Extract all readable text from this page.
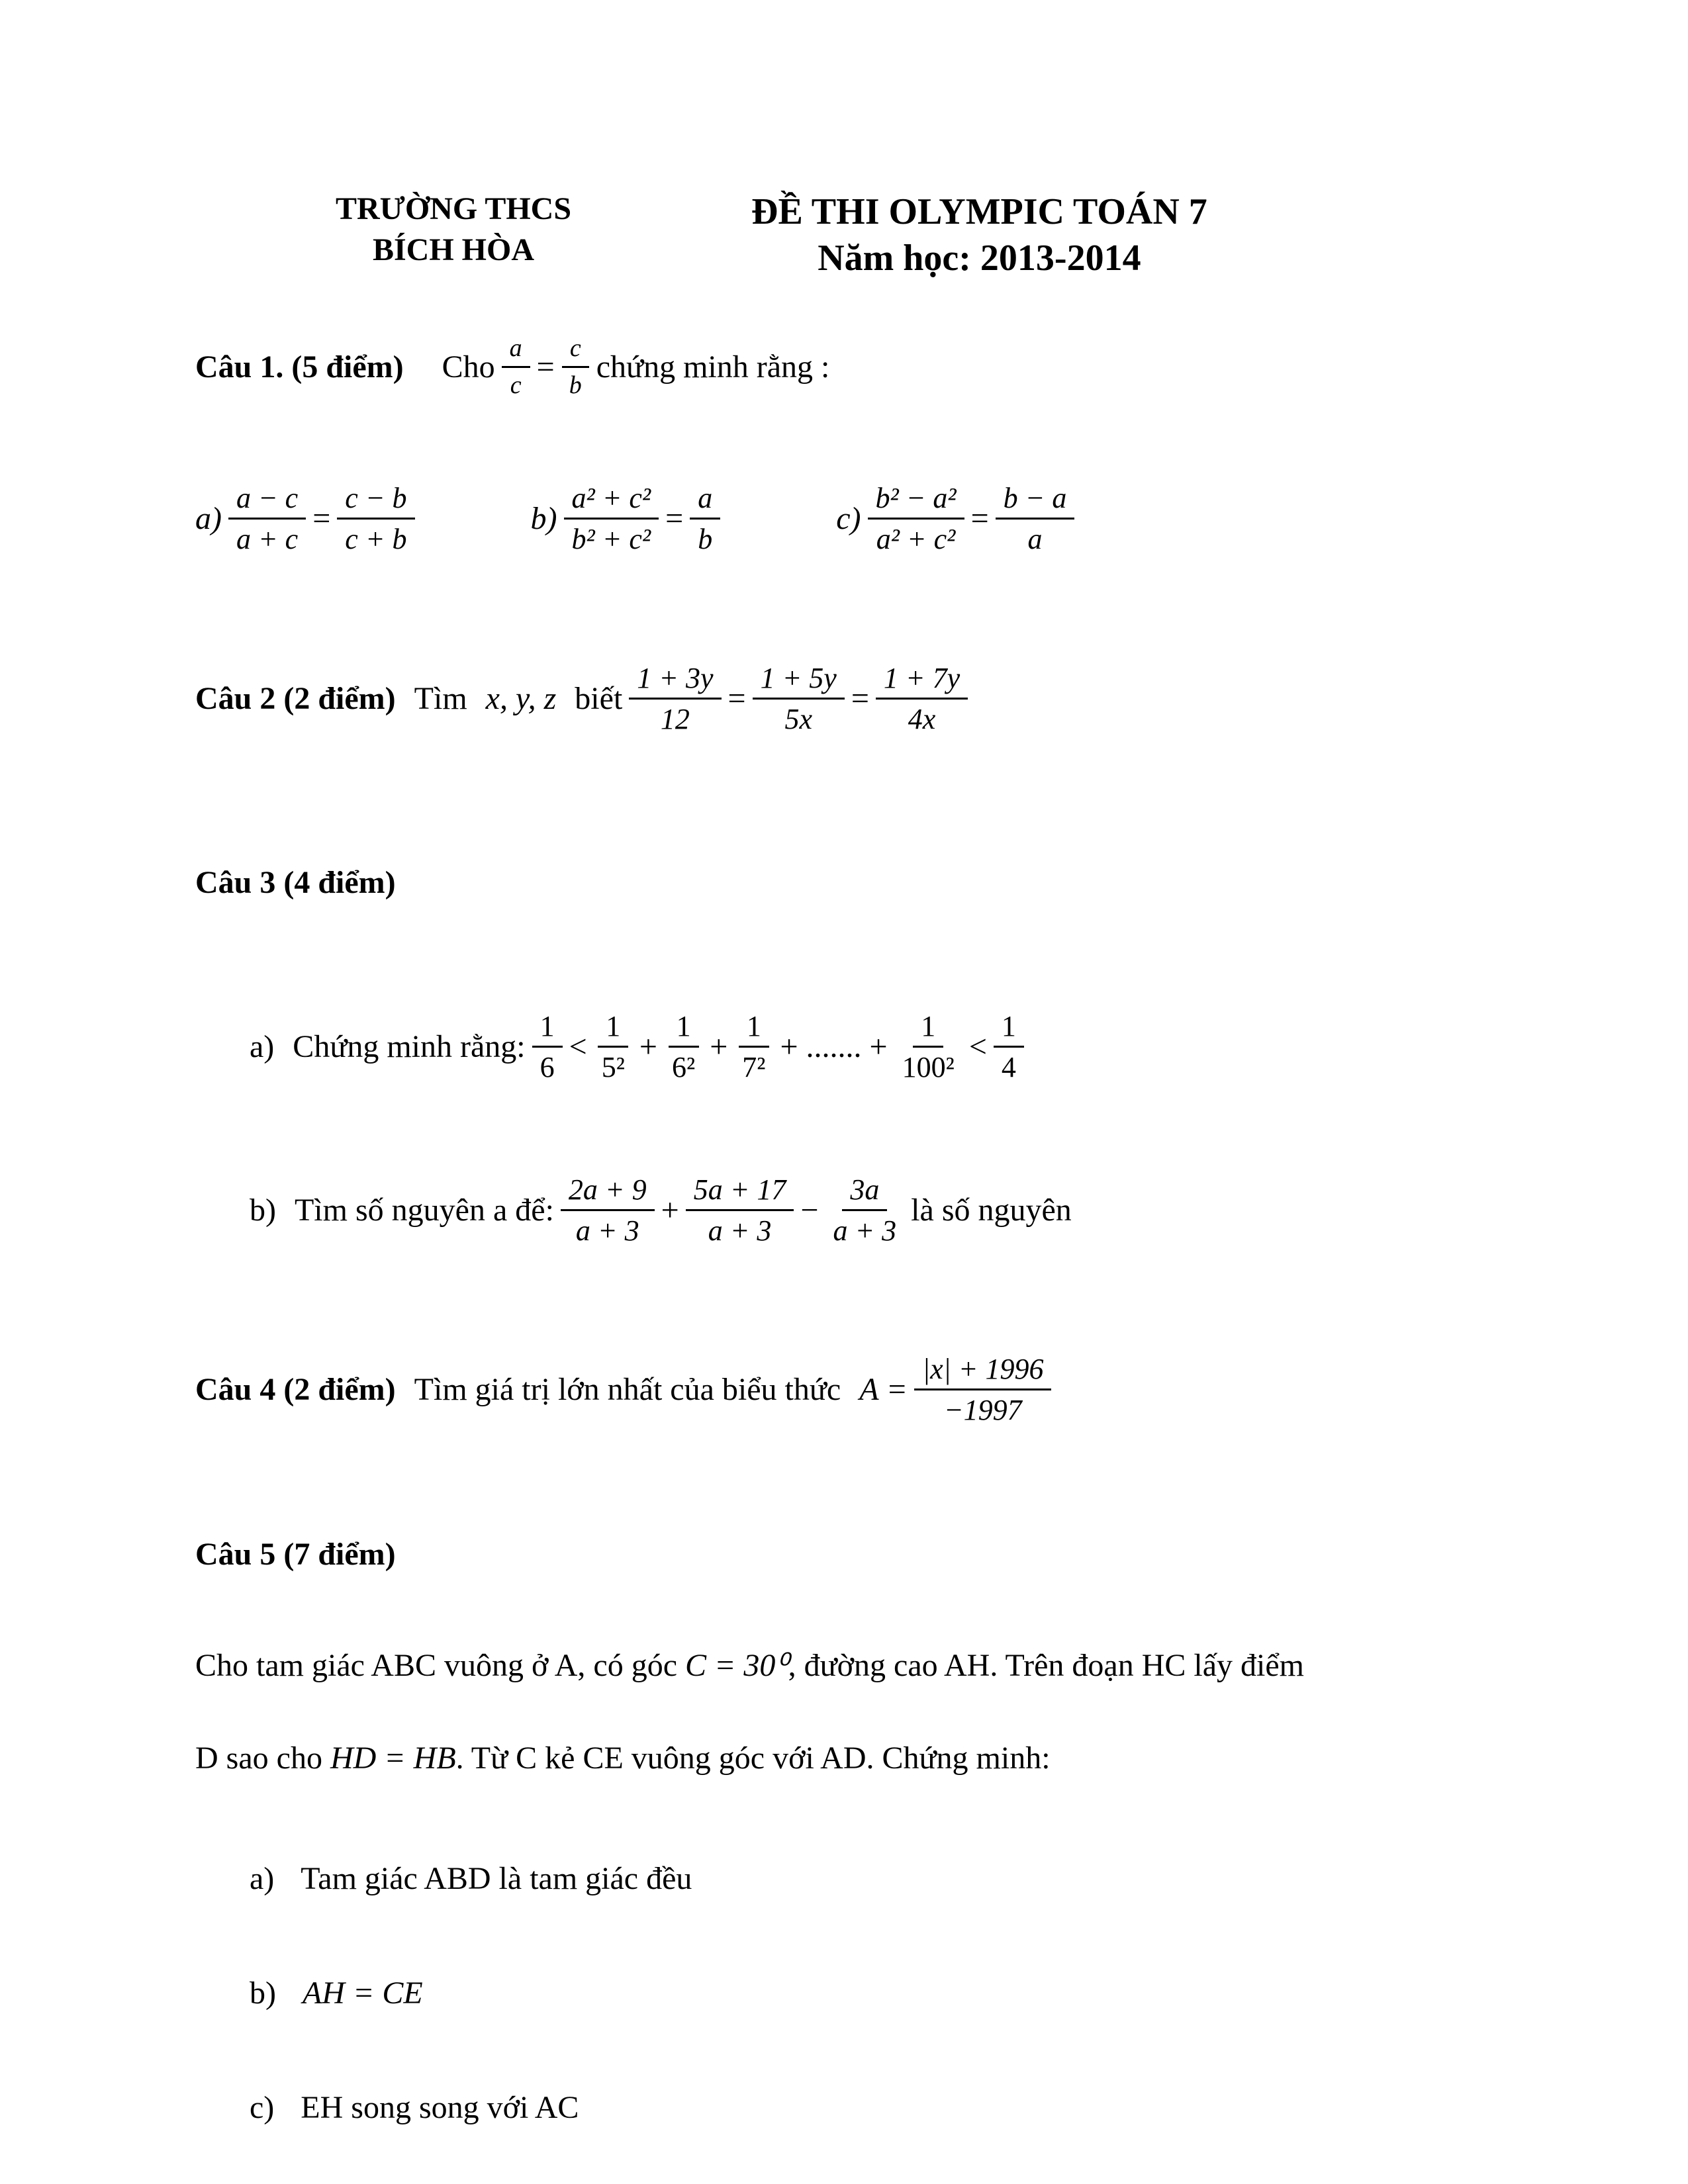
TRƯỜNG THCS
BÍCH HÒA
ĐỀ THI OLYMPIC TOÁN 7
Năm học: 2013-2014
Câu 1. (5 điểm) Cho $\frac{a}{c} = \frac{c}{b}$ chứng minh rằng :
$a) \frac{a - c}{a + c} = \frac{c - b}{c + b}$	$b) \frac{\text{a² + c²}}{\text{b² + c²}} = \frac{a}{b}$	$c) \frac{\text{b² − a²}}{\text{a² + c²}} = \frac{b - a}{a}$
Câu 2 (2 điểm) Tìm x, y, z biết $\frac{1 + 3y}{12} = \frac{1 + 5y}{5x} = \frac{1 + 7y}{4x}$
Câu 3 (4 điểm)
a) Chứng minh rằng: $\frac{1}{6} < \frac{1}{\text{5²}} + \frac{1}{\text{6²}} + \frac{1}{\text{7²}}$ + ....... + $\frac{1}{\text{100²}} < \frac{1}{4}$
b) Tìm số nguyên a để: $\frac{2a + 9}{a + 3} + \frac{5a + 17}{a + 3} - \frac{3a}{a + 3}$ là số nguyên
Câu 4 (2 điểm) Tìm giá trị lớn nhất của biểu thức $A = \frac{|x| + 1996}{-1997}$
Câu 5 (7 điểm)
Cho tam giác ABC vuông ở A, có góc C = 30⁰, đường cao AH. Trên đoạn HC lấy điểm
D sao cho HD = HB. Từ C kẻ CE vuông góc với AD. Chứng minh:
a) Tam giác ABD là tam giác đều
b) AH = CE
c) EH song song với AC
